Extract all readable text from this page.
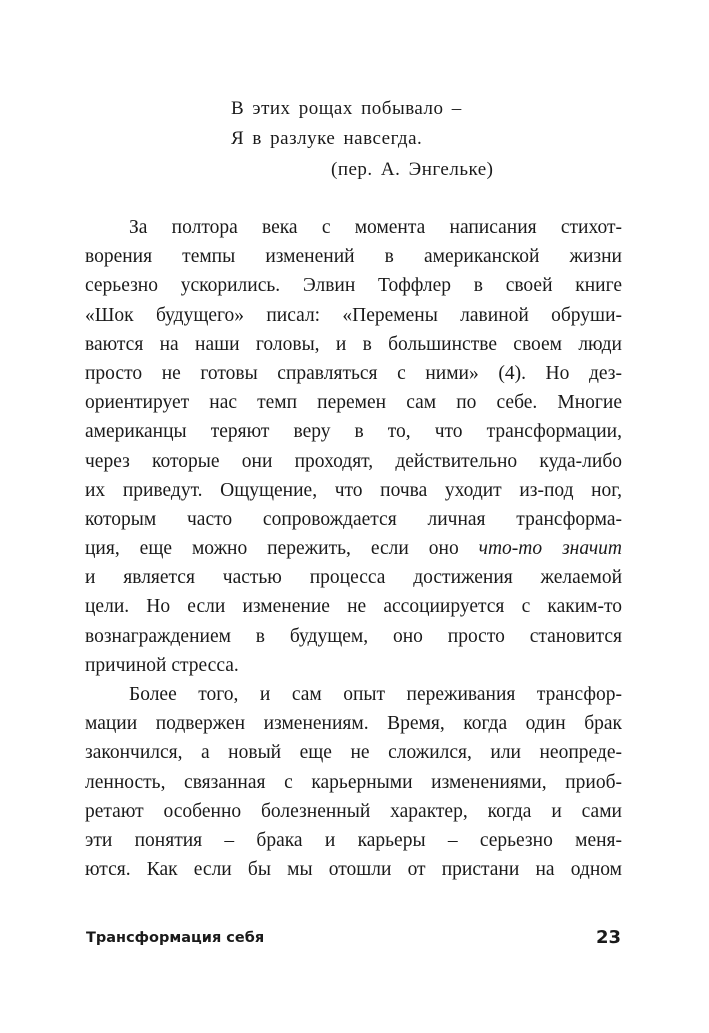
В этих рощах побывало –
Я в разлуке навсегда.
(пер. А. Энгельке)
За полтора века с момента написания стихот-
ворения темпы изменений в американской жизни
серьезно ускорились. Элвин Тоффлер в своей книге
«Шок будущего» писал: «Перемены лавиной обруши-
ваются на наши головы, и в большинстве своем люди
просто не готовы справляться с ними» (4). Но дез-
ориентирует нас темп перемен сам по себе. Многие
американцы теряют веру в то, что трансформации,
через которые они проходят, действительно куда-либо
их приведут. Ощущение, что почва уходит из-под ног,
которым часто сопровождается личная трансформа-
ция, еще можно пережить, если оно что-то значит
и является частью процесса достижения желаемой
цели. Но если изменение не ассоциируется с каким-то
вознаграждением в будущем, оно просто становится
причиной стресса.
Более того, и сам опыт переживания трансфор-
мации подвержен изменениям. Время, когда один брак
закончился, а новый еще не сложился, или неопреде-
ленность, связанная с карьерными изменениями, приоб-
ретают особенно болезненный характер, когда и сами
эти понятия – брака и карьеры – серьезно меня-
ются. Как если бы мы отошли от пристани на одном
Трансформация себя	23
